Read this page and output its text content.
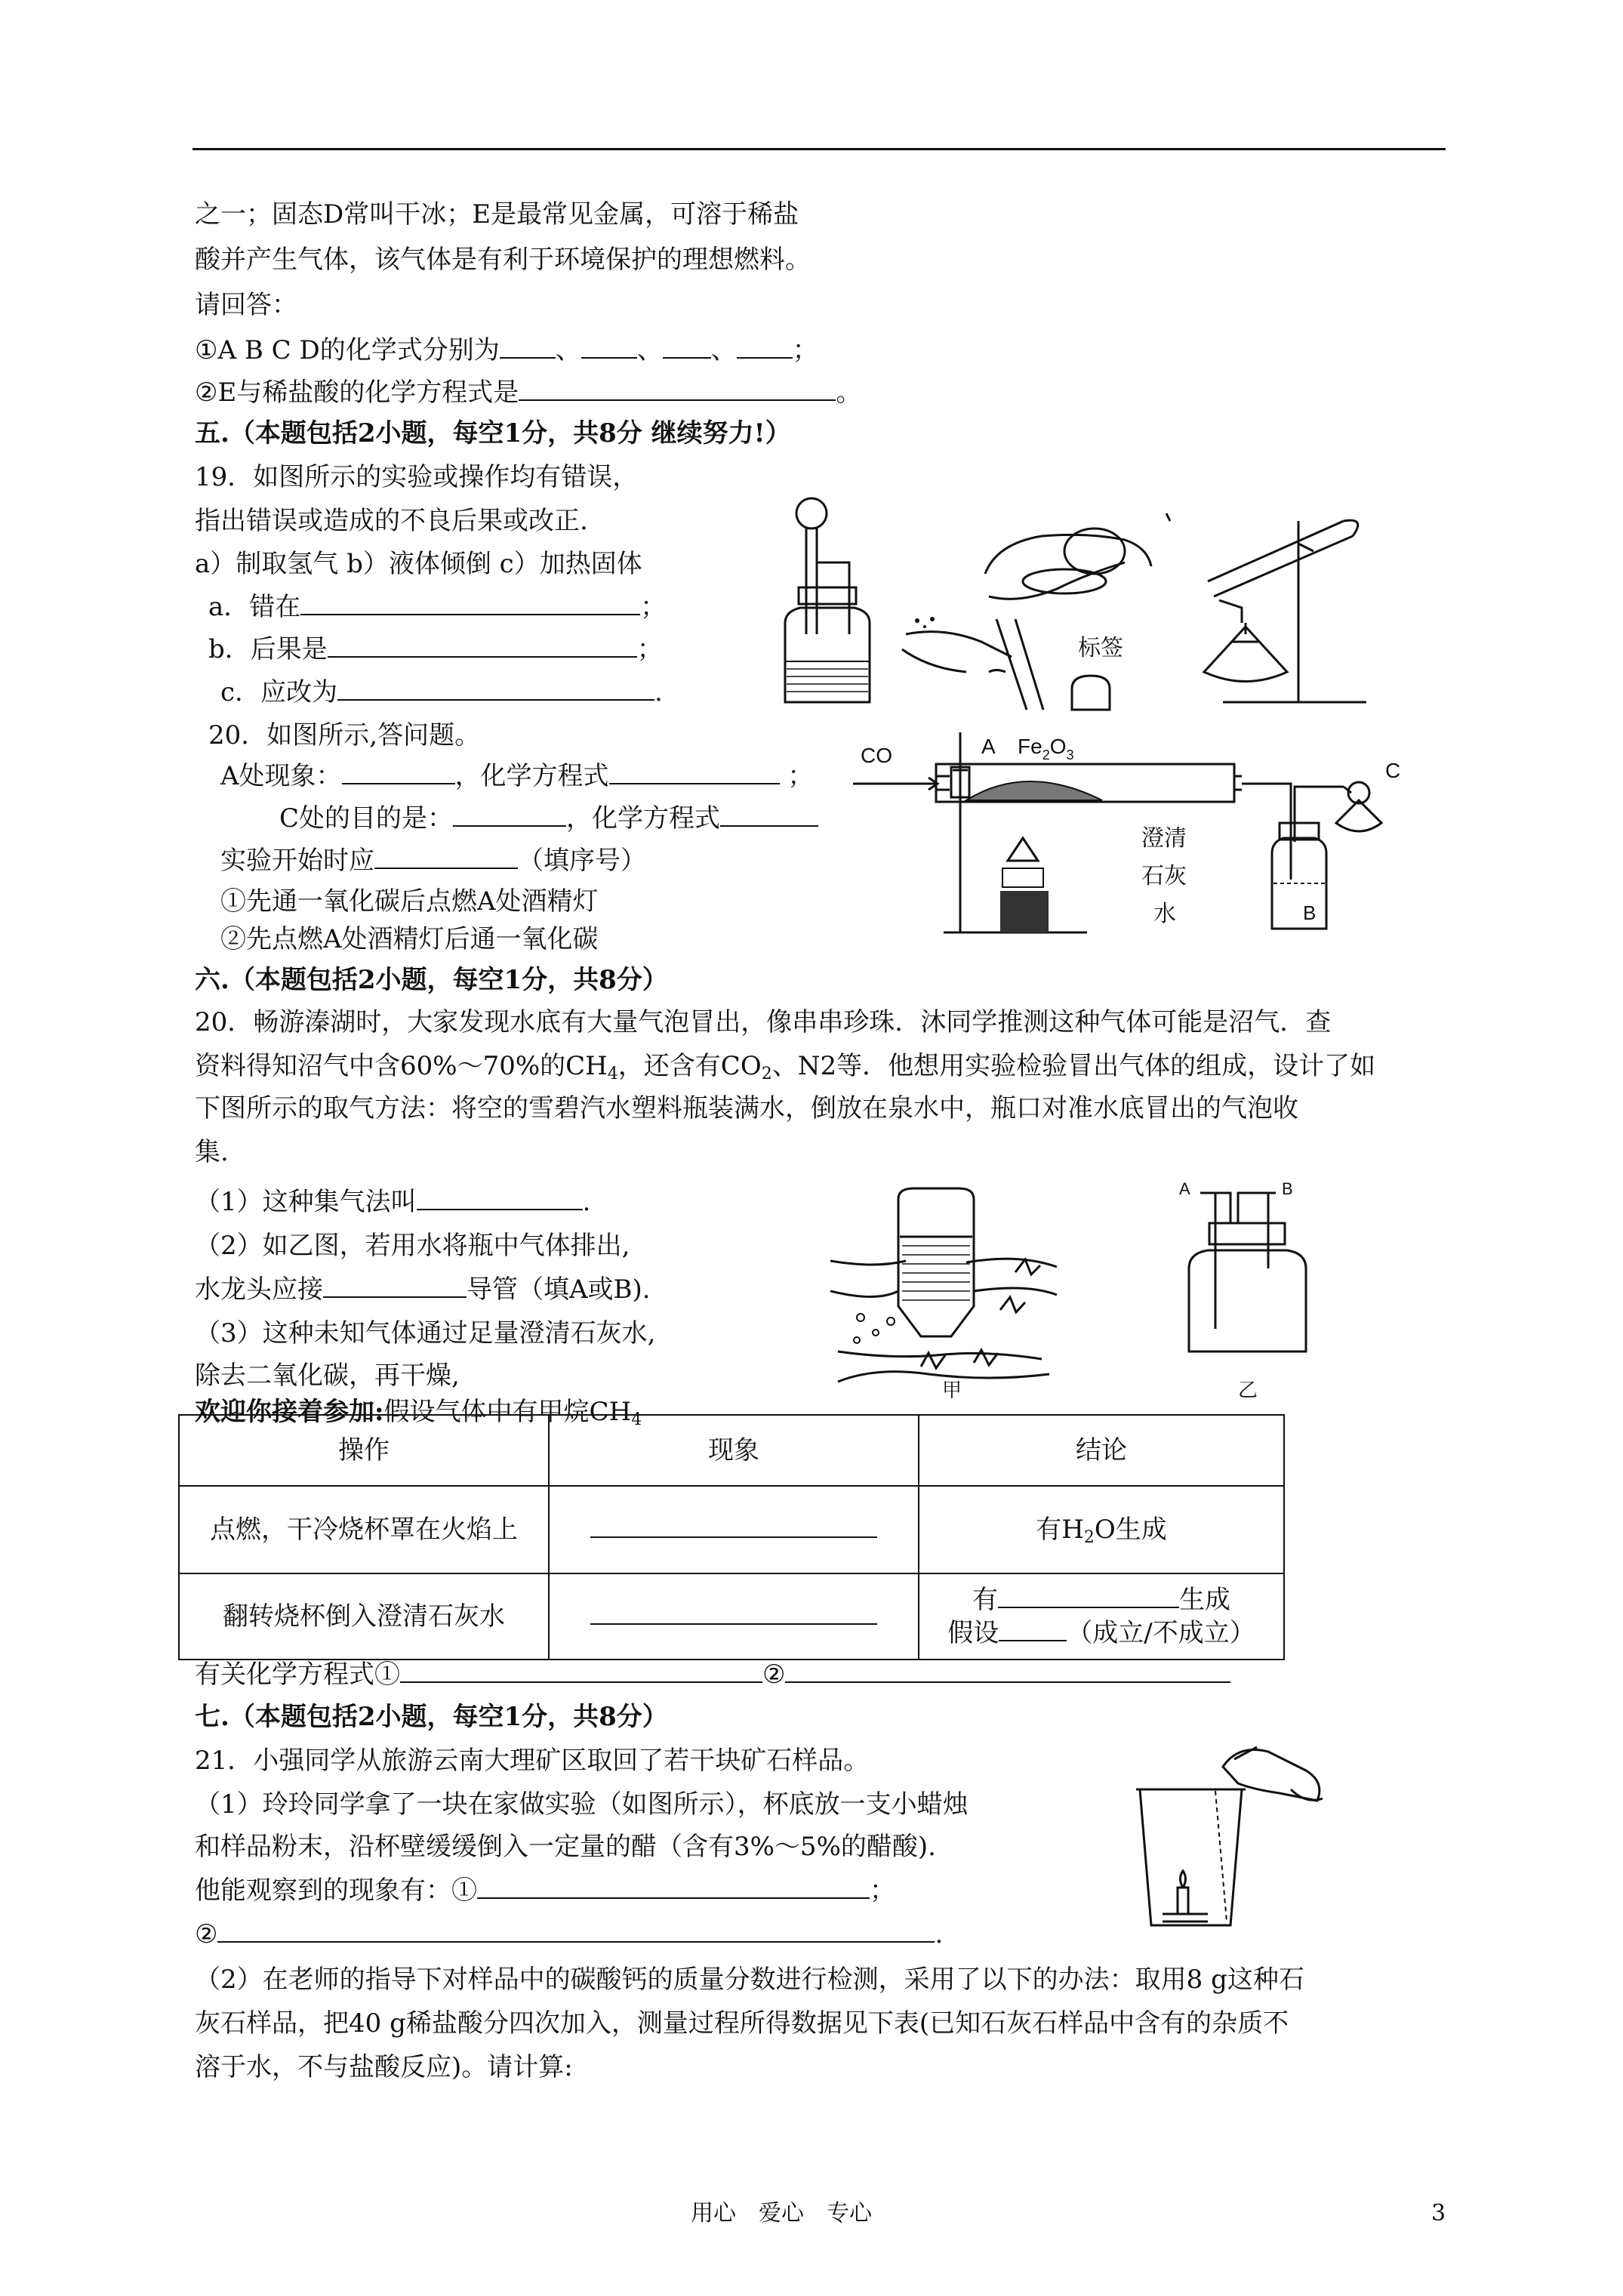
之一；固态D常叫干冰；E是最常见金属，可溶于稀盐
酸并产生气体，该气体是有利于环境保护的理想燃料。
请回答：
①A B C D的化学式分别为 、 、 、 ；
②E与稀盐酸的化学方程式是	。
五.（本题包括2小题，每空1分，共8分 继续努力!）
19．如图所示的实验或操作均有错误，
指出错误或造成的不良后果或改正.
a）制取氢气 b）液体倾倒 c）加热固体
a．错在	；
b．后果是	；
c．应改为	.
标签
20．如图所示,答问题。
A处现象：	，化学方程式	；
C处的目的是：	，化学方程式
实验开始时应	（填序号）
①先通一氧化碳后点燃A处酒精灯
②先点燃A处酒精灯后通一氧化碳
CO	A $Fe_2O_3$
C
B
澄清
石灰
水
六.（本题包括2小题，每空1分，共8分）
20．畅游溱湖时，大家发现水底有大量气泡冒出，像串串珍珠．沐同学推测这种气体可能是沼气．查
资料得知沼气中含60%～70%的$CH_4$，还含有$CO_2$、N2等．他想用实验检验冒出气体的组成，设计了如
下图所示的取气方法：将空的雪碧汽水塑料瓶装满水，倒放在泉水中，瓶口对准水底冒出的气泡收
集.
（1）这种集气法叫	.
（2）如乙图，若用水将瓶中气体排出,
水龙头应接	导管（填A或B).
（3）这种未知气体通过足量澄清石灰水,
除去二氧化碳，再干燥,
欢迎你接着参加:假设气体中有甲烷$CH_4$
甲
A	B
乙
操作	现象	结论
点燃，干冷烧杯罩在火焰上		有$H_2O$生成
翻转烧杯倒入澄清石灰水		有 生成
假设 （成立/不成立）
有关化学方程式①	②
七.（本题包括2小题，每空1分，共8分）
21．小强同学从旅游云南大理矿区取回了若干块矿石样品。
（1）玲玲同学拿了一块在家做实验（如图所示），杯底放一支小蜡烛
和样品粉末，沿杯壁缓缓倒入一定量的醋（含有3%～5%的醋酸).
他能观察到的现象有：①	；
②	.
（2）在老师的指导下对样品中的碳酸钙的质量分数进行检测，采用了以下的办法：取用8 g这种石
灰石样品，把40 g稀盐酸分四次加入，测量过程所得数据见下表(已知石灰石样品中含有的杂质不
溶于水，不与盐酸反应)。请计算:
用心　爱心　专心	3
